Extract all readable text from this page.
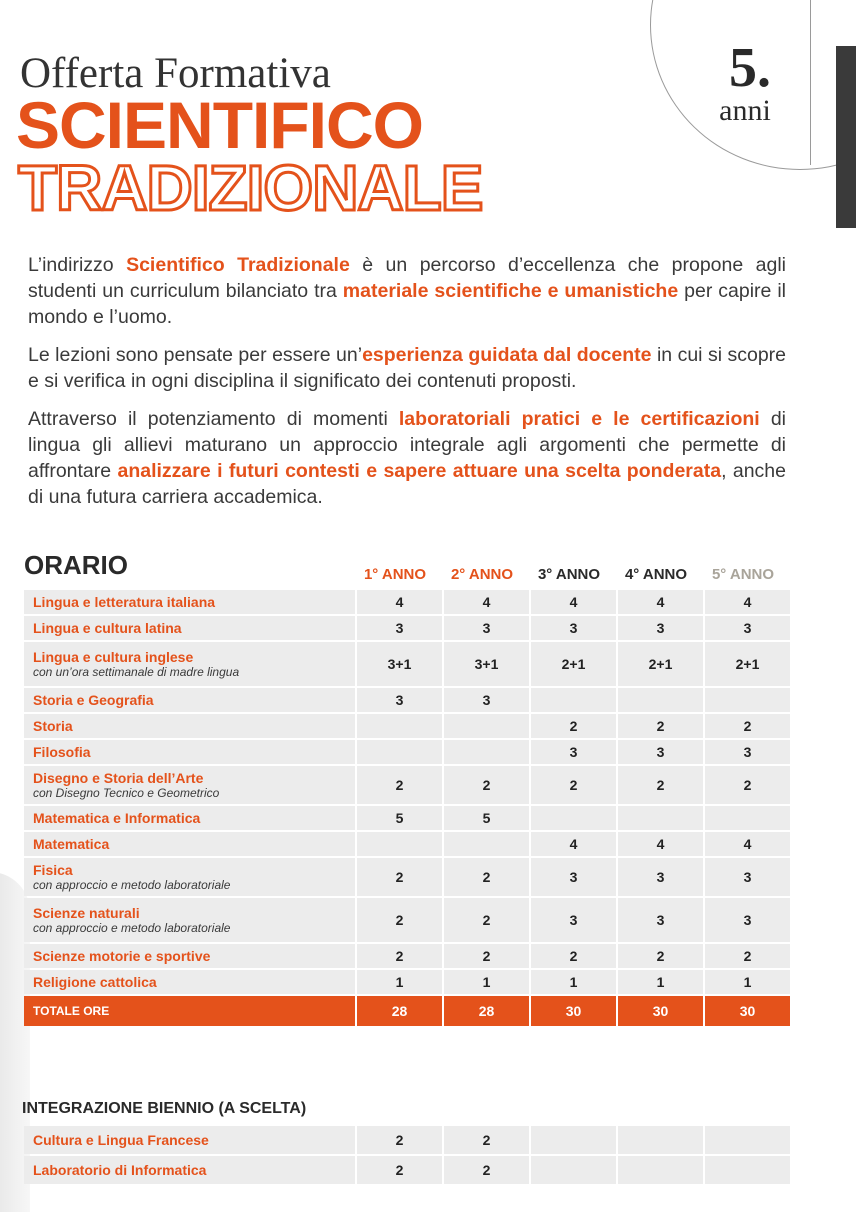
5.
anni
Offerta Formativa
SCIENTIFICO
TRADIZIONALE

L’indirizzo Scientifico Tradizionale è un percorso d’eccellenza che propone agli studenti un curriculum bilanciato tra materiale scientifiche e umanistiche per capire il mondo e l’uomo.

Le lezioni sono pensate per essere un’esperienza guidata dal docente in cui si scopre e si verifica in ogni disciplina il significato dei contenuti proposti.

Attraverso il potenziamento di momenti laboratoriali pratici e le certificazioni di lingua gli allievi maturano un approccio integrale agli argomenti che permette di affrontare analizzare i futuri contesti e sapere attuare una scelta ponderata, anche di una futura carriera accademica.

ORARIO	1° ANNO	2° ANNO	3° ANNO	4° ANNO	5° ANNO
Lingua e letteratura italiana	4	4	4	4	4
Lingua e cultura latina	3	3	3	3	3
Lingua e cultura inglese
con un’ora settimanale di madre lingua	3+1	3+1	2+1	2+1	2+1
Storia e Geografia	3	3			
Storia			2	2	2
Filosofia			3	3	3
Disegno e Storia dell’Arte
con Disegno Tecnico e Geometrico	2	2	2	2	2
Matematica e Informatica	5	5			
Matematica			4	4	4
Fisica
con approccio e metodo laboratoriale	2	2	3	3	3
Scienze naturali
con approccio e metodo laboratoriale	2	2	3	3	3
Scienze motorie e sportive	2	2	2	2	2
Religione cattolica	1	1	1	1	1
TOTALE ORE	28	28	30	30	30
INTEGRAZIONE BIENNIO (A SCELTA)
Cultura e Lingua Francese	2	2			
Laboratorio di Informatica	2	2			
